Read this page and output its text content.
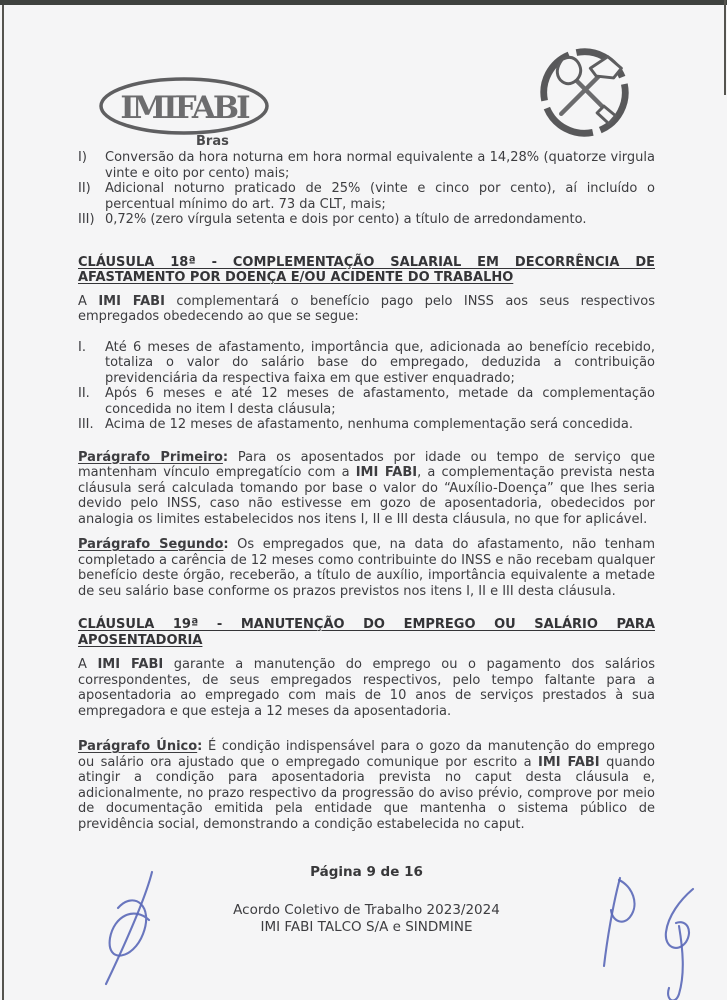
IMIFABI
Bras
I)	Conversão da hora noturna em hora normal equivalente a 14,28% (quatorze virgula vinte e oito por cento) mais;
II)	Adicional noturno praticado de 25% (vinte e cinco por cento), aí incluído o percentual mínimo do art. 73 da CLT, mais;
III) 0,72% (zero vírgula setenta e dois por cento) a título de arredondamento.
CLÁUSULA 18ª - COMPLEMENTAÇÃO SALARIAL EM DECORRÊNCIA DE
AFASTAMENTO POR DOENÇA E/OU ACIDENTE DO TRABALHO

A IMI FABI complementará o benefício pago pelo INSS aos seus respectivos empregados obedecendo ao que se segue:

I.	Até 6 meses de afastamento, importância que, adicionada ao benefício recebido, totaliza o valor do salário base do empregado, deduzida a contribuição previdenciária da respectiva faixa em que estiver enquadrado;
II.	Após 6 meses e até 12 meses de afastamento, metade da complementação concedida no item I desta cláusula;
III. Acima de 12 meses de afastamento, nenhuma complementação será concedida.

Parágrafo Primeiro: Para os aposentados por idade ou tempo de serviço que mantenham vínculo empregatício com a IMI FABI, a complementação prevista nesta cláusula será calculada tomando por base o valor do “Auxílio-Doença” que lhes seria devido pelo INSS, caso não estivesse em gozo de aposentadoria, obedecidos por analogia os limites estabelecidos nos itens I, II e III desta cláusula, no que for aplicável.

Parágrafo Segundo: Os empregados que, na data do afastamento, não tenham completado a carência de 12 meses como contribuinte do INSS e não recebam qualquer benefício deste órgão, receberão, a título de auxílio, importância equivalente a metade de seu salário base conforme os prazos previstos nos itens I, II e III desta cláusula.

CLÁUSULA 19ª - MANUTENÇÃO DO EMPREGO OU SALÁRIO PARA
APOSENTADORIA

A IMI FABI garante a manutenção do emprego ou o pagamento dos salários correspondentes, de seus empregados respectivos, pelo tempo faltante para a aposentadoria ao empregado com mais de 10 anos de serviços prestados à sua empregadora e que esteja a 12 meses da aposentadoria.

Parágrafo Único: É condição indispensável para o gozo da manutenção do emprego ou salário ora ajustado que o empregado comunique por escrito a IMI FABI quando atingir a condição para aposentadoria prevista no caput desta cláusula e, adicionalmente, no prazo respectivo da progressão do aviso prévio, comprove por meio de documentação emitida pela entidade que mantenha o sistema público de previdência social, demonstrando a condição estabelecida no caput.

Página 9 de 16
Acordo Coletivo de Trabalho 2023/2024
IMI FABI TALCO S/A e SINDMINE
